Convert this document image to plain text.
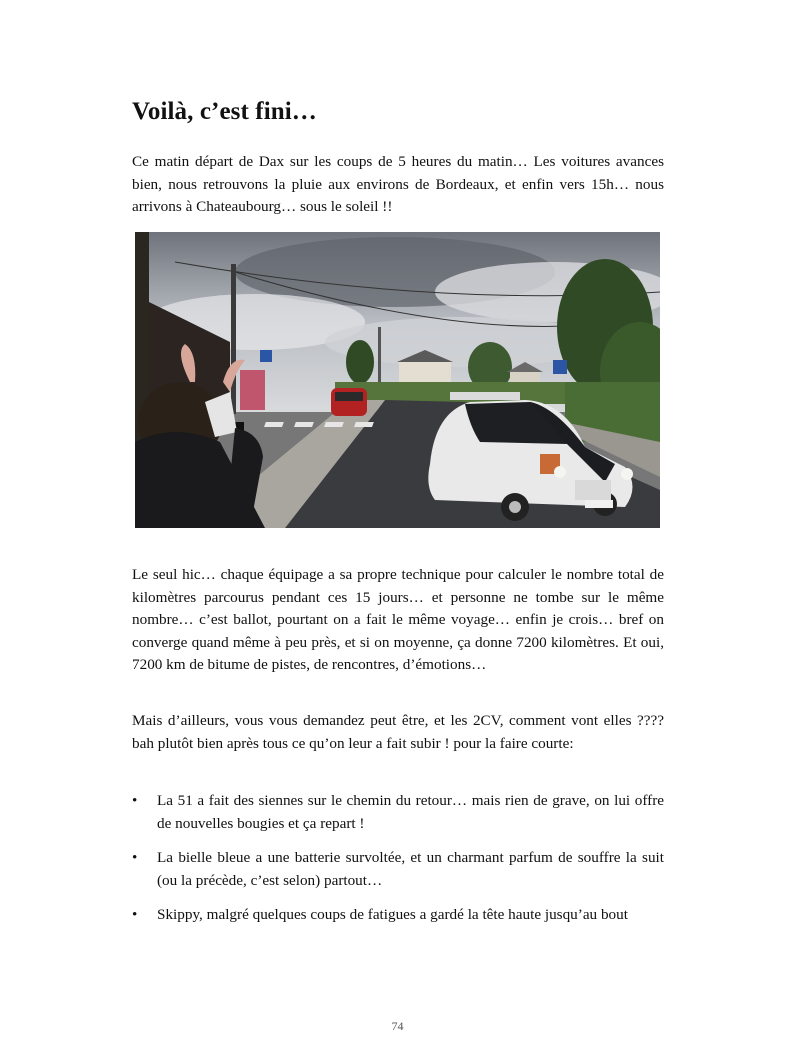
Voilà, c’est fini…

Ce matin départ de Dax sur les coups de 5 heures du matin… Les voitures avances bien, nous retrouvons la pluie aux environs de Bordeaux, et enfin vers 15h… nous arrivons à Chateaubourg… sous le soleil !!

Le seul hic… chaque équipage a sa propre technique pour calculer le nombre total de kilomètres parcourus pendant ces 15 jours… et personne ne tombe sur le même nombre… c’est ballot, pourtant on a fait le même voyage… enfin je crois… bref on converge quand même à peu près, et si on moyenne, ça donne 7200 kilomètres. Et oui, 7200 km de bitume de pistes, de rencontres, d’émotions…

Mais d’ailleurs, vous vous demandez peut être, et les 2CV, comment vont elles ???? bah plutôt bien après tous ce qu’on leur a fait subir ! pour la faire courte:

• La 51 a fait des siennes sur le chemin du retour… mais rien de grave, on lui offre de nouvelles bougies et ça repart !
• La bielle bleue a une batterie survoltée, et un charmant parfum de souffre la suit (ou la précède, c’est selon) partout…
• Skippy, malgré quelques coups de fatigues a gardé la tête haute jusqu’au bout
74
